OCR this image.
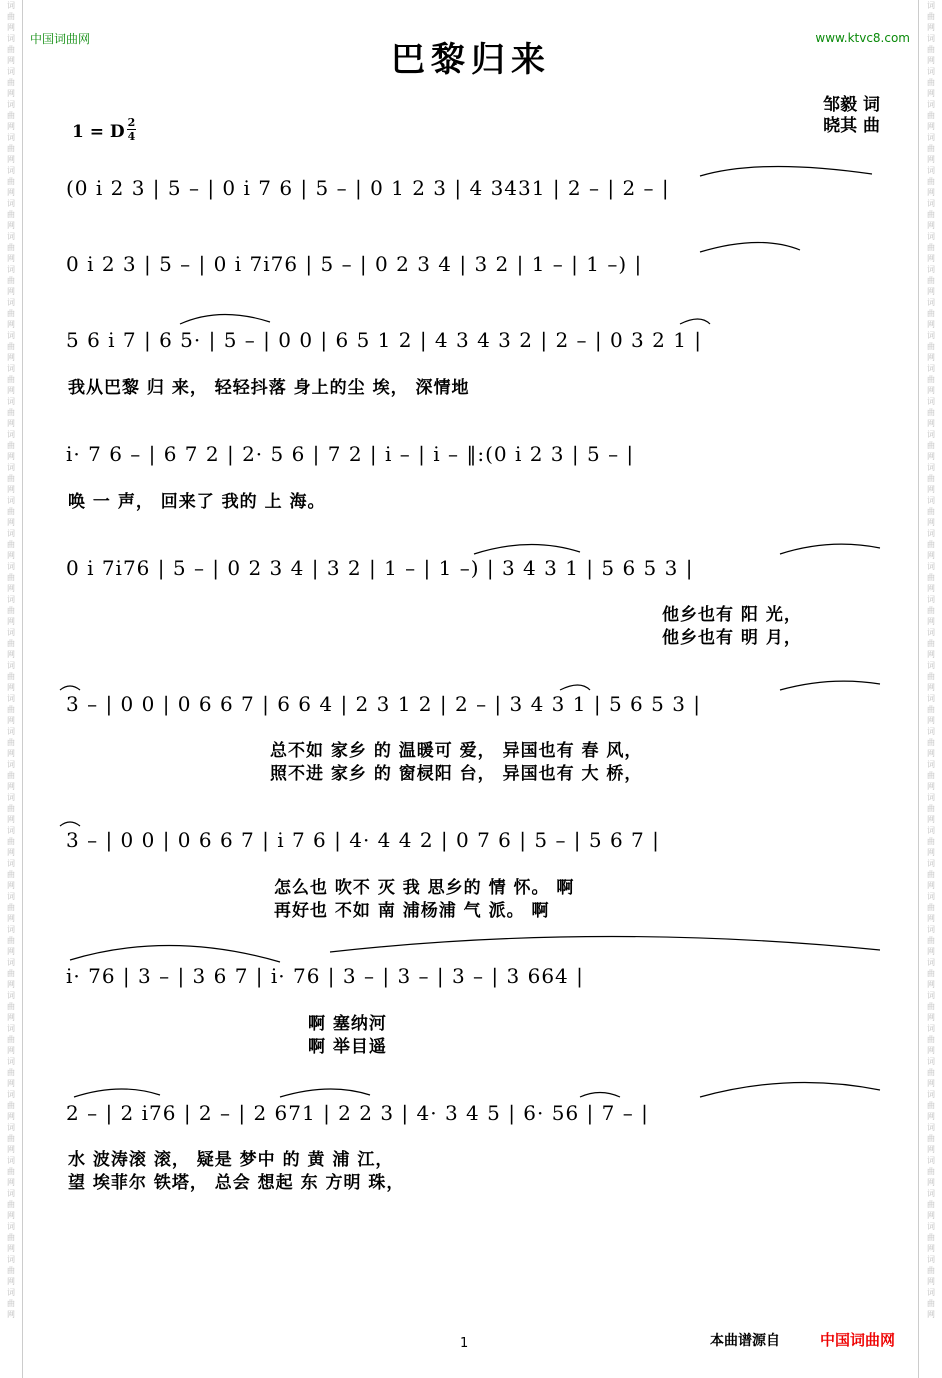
词
曲
网
词
曲
网
词
曲
网
词
曲
网
词
曲
网
词
曲
网
词
曲
网
词
曲
网
词
曲
网
词
曲
网
词
曲
网
词
曲
网
词
曲
网
词
曲
网
词
曲
网
词
曲
网
词
曲
网
词
曲
网
词
曲
网
词
曲
网
词
曲
网
词
曲
网
词
曲
网
词
曲
网
词
曲
网
词
曲
网
词
曲
网
词
曲
网
词
曲
网
词
曲
网
词
曲
网
词
曲
网
词
曲
网
词
曲
网
词
曲
网
词
曲
网
词
曲
网
词
曲
网
词
曲
网
词
曲
网
词
曲
网
词
曲
网
词
曲
网
词
曲
网
词
曲
网
词
曲
网
词
曲
网
词
曲
网
词
曲
网
词
曲
网
词
曲
网
词
曲
网
词
曲
网
词
曲
网
词
曲
网
词
曲
网
词
曲
网
词
曲
网
词
曲
网
词
曲
网
词
曲
网
词
曲
网
词
曲
网
词
曲
网
词
曲
网
词
曲
网
词
曲
网
词
曲
网
词
曲
网
词
曲
网
词
曲
网
词
曲
网
词
曲
网
词
曲
网
词
曲
网
词
曲
网
词
曲
网
词
曲
网
词
曲
网
词
曲
网
中国词曲网	www.ktvc8.com
巴黎归来
邹毅 词
晓其 曲
1 = D 2
4
(0 i 2 3 | 5 – | 0 i 7 6 | 5 – | 0 1 2 3 | 4 3431 | 2 – | 2 – |
0 i 2 3 | 5 – | 0 i 7i76 | 5 – | 0 2 3 4 | 3 2 | 1 – | 1 –) |
5 6 i 7 | 6 5· | 5 – | 0 0 | 6 5 1 2 | 4 3 4 3 2 | 2 – | 0 3 2 1 |
我从巴黎 归 来， 轻轻抖落 身上的尘 埃， 深情地
i· 7 6 – | 6 7 2 | 2· 5 6 | 7 2 | i – | i – ‖:(0 i 2 3 | 5 – |
唤 一 声， 回来了 我的 上 海。
0 i 7i76 | 5 – | 0 2 3 4 | 3 2 | 1 – | 1 –) | 3 4 3 1 | 5 6 5 3 |
他乡也有 阳 光，
他乡也有 明 月，
3 – | 0 0 | 0 6 6 7 | 6 6 4 | 2 3 1 2 | 2 – | 3 4 3 1 | 5 6 5 3 |
总不如 家乡 的 温暖可 爱， 异国也有 春 风，
照不进 家乡 的 窗棂阳 台， 异国也有 大 桥，
3 – | 0 0 | 0 6 6 7 | i 7 6 | 4· 4 4 2 | 0 7 6 | 5 – | 5 6 7 |
怎么也 吹不 灭 我 思乡的 情 怀。 啊
再好也 不如 南 浦杨浦 气 派。 啊
i· 76 | 3 – | 3 6 7 | i· 76 | 3 – | 3 – | 3 – | 3 664 |
啊 塞纳河
啊 举目遥
2 – | 2 i76 | 2 – | 2 671 | 2 2 3 | 4· 3 4 5 | 6· 56 | 7 – |
水 波涛滚 滚， 疑是 梦中 的 黄 浦 江，
望 埃菲尔 铁塔， 总会 想起 东 方明 珠，
1	本曲谱源自	中国词曲网
